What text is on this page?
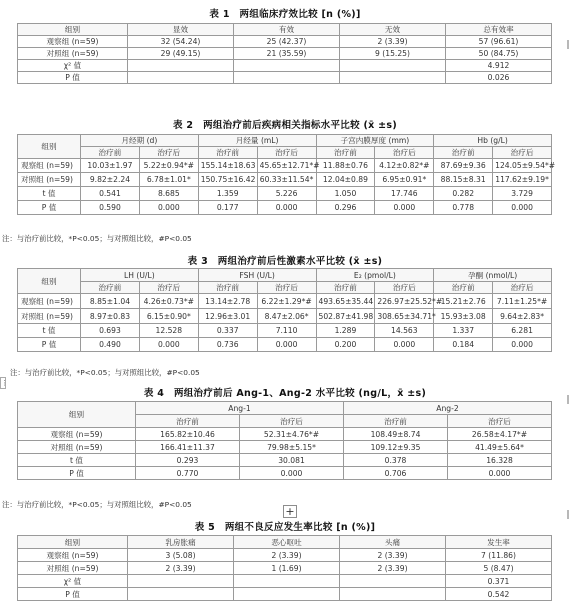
表 1　两组临床疗效比较 [n (%)]
组别	显效	有效	无效	总有效率
观察组 (n=59)	32 (54.24)	25 (42.37)	2 (3.39)	57 (96.61)
对照组 (n=59)	29 (49.15)	21 (35.59)	9 (15.25)	50 (84.75)
χ² 值				4.912
P 值				0.026
表 2　两组治疗前后疾病相关指标水平比较 (x̄ ±s)
组别	月经期 (d)		月经量 (mL)		子宫内膜厚度 (mm)		Hb (g/L)	
	治疗前	治疗后	治疗前	治疗后	治疗前	治疗后	治疗前	治疗后
观察组 (n=59)	10.03±1.97	5.22±0.94*#	155.14±18.63	45.65±12.71*#	11.88±0.76	4.12±0.82*#	87.69±9.36	124.05±9.54*#
对照组 (n=59)	9.82±2.24	6.78±1.01*	150.75±16.42	60.33±11.54*	12.04±0.89	6.95±0.91*	88.15±8.31	117.62±9.19*
t 值	0.541	8.685	1.359	5.226	1.050	17.746	0.282	3.729
P 值	0.590	0.000	0.177	0.000	0.296	0.000	0.778	0.000
注：与治疗前比较，*P<0.05；与对照组比较，#P<0.05
表 3　两组治疗前后性激素水平比较 (x̄ ±s)
组别	LH (U/L)		FSH (U/L)		E₂ (pmol/L)		孕酮 (nmol/L)	
	治疗前	治疗后	治疗前	治疗后	治疗前	治疗后	治疗前	治疗后
观察组 (n=59)	8.85±1.04	4.26±0.73*#	13.14±2.78	6.22±1.29*#	493.65±35.44	226.97±25.52*#	15.21±2.76	7.11±1.25*#
对照组 (n=59)	8.97±0.83	6.15±0.90*	12.96±3.01	8.47±2.06*	502.87±41.98	308.65±34.71*	15.93±3.08	9.64±2.83*
t 值	0.693	12.528	0.337	7.110	1.289	14.563	1.337	6.281
P 值	0.490	0.000	0.736	0.000	0.200	0.000	0.184	0.000
⋮
注：与治疗前比较，*P<0.05；与对照组比较，#P<0.05
表 4　两组治疗前后 Ang-1、Ang-2 水平比较 (ng/L，x̄ ±s)
组别	Ang-1		Ang-2	
	治疗前	治疗后	治疗前	治疗后
观察组 (n=59)	165.82±10.46	52.31±4.76*#	108.49±8.74	26.58±4.17*#
对照组 (n=59)	166.41±11.37	79.98±5.15*	109.12±9.35	41.49±5.64*
t 值	0.293	30.081	0.378	16.328
P 值	0.770	0.000	0.706	0.000
注：与治疗前比较，*P<0.05；与对照组比较，#P<0.05
+
表 5　两组不良反应发生率比较 [n (%)]
组别	乳房胀痛	恶心呕吐	头痛	发生率
观察组 (n=59)	3 (5.08)	2 (3.39)	2 (3.39)	7 (11.86)
对照组 (n=59)	2 (3.39)	1 (1.69)	2 (3.39)	5 (8.47)
χ² 值				0.371
P 值				0.542
